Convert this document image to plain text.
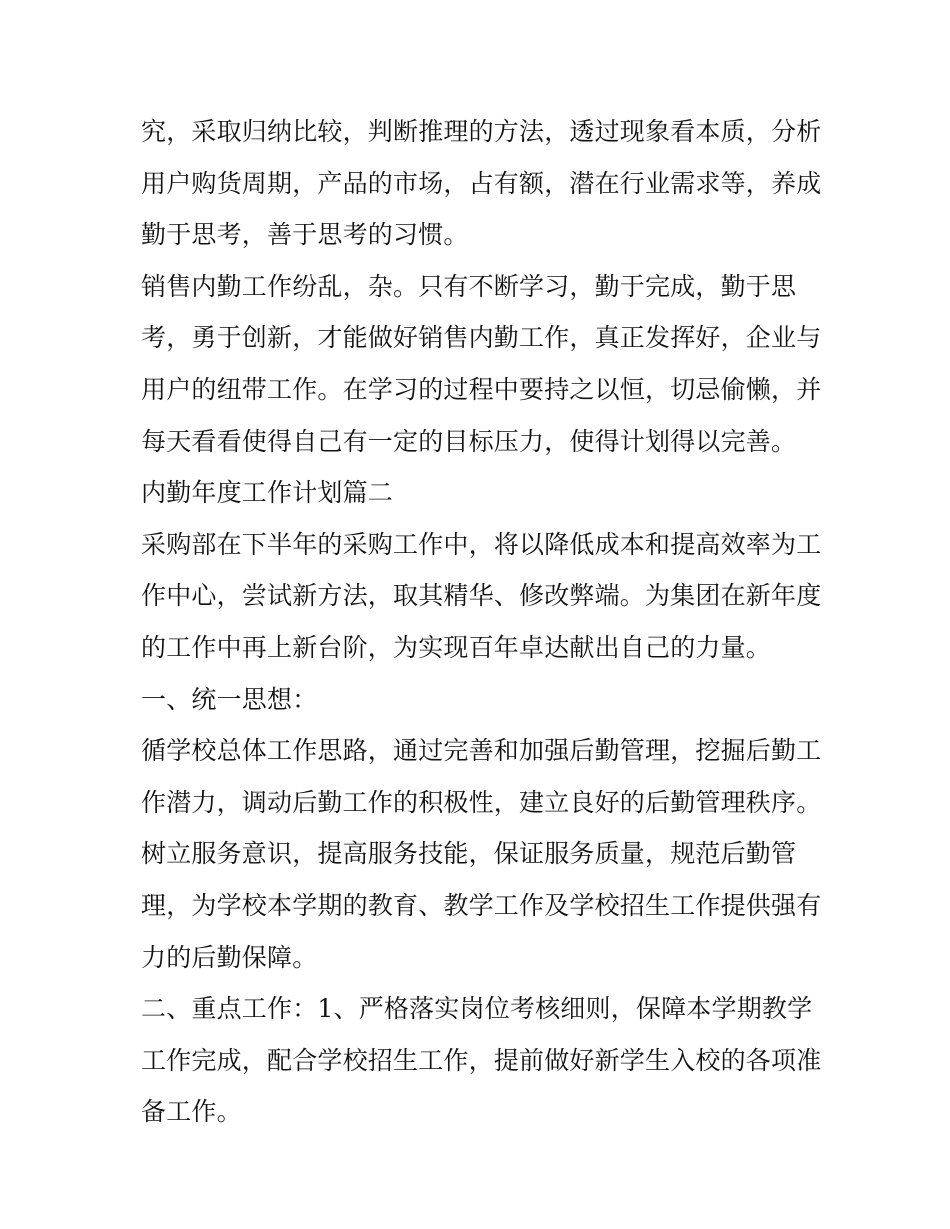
究，采取归纳比较，判断推理的方法，透过现象看本质，分析
用户购货周期，产品的市场，占有额，潜在行业需求等，养成
勤于思考，善于思考的习惯。
销售内勤工作纷乱，杂。只有不断学习，勤于完成，勤于思
考，勇于创新，才能做好销售内勤工作，真正发挥好，企业与
用户的纽带工作。在学习的过程中要持之以恒，切忌偷懒，并
每天看看使得自己有一定的目标压力，使得计划得以完善。
内勤年度工作计划篇二
采购部在下半年的采购工作中，将以降低成本和提高效率为工
作中心，尝试新方法，取其精华、修改弊端。为集团在新年度
的工作中再上新台阶，为实现百年卓达献出自己的力量。
一、统一思想：
循学校总体工作思路，通过完善和加强后勤管理，挖掘后勤工
作潜力，调动后勤工作的积极性，建立良好的后勤管理秩序。
树立服务意识，提高服务技能，保证服务质量，规范后勤管
理，为学校本学期的教育、教学工作及学校招生工作提供强有
力的后勤保障。
二、重点工作：1、严格落实岗位考核细则，保障本学期教学
工作完成，配合学校招生工作，提前做好新学生入校的各项准
备工作。
